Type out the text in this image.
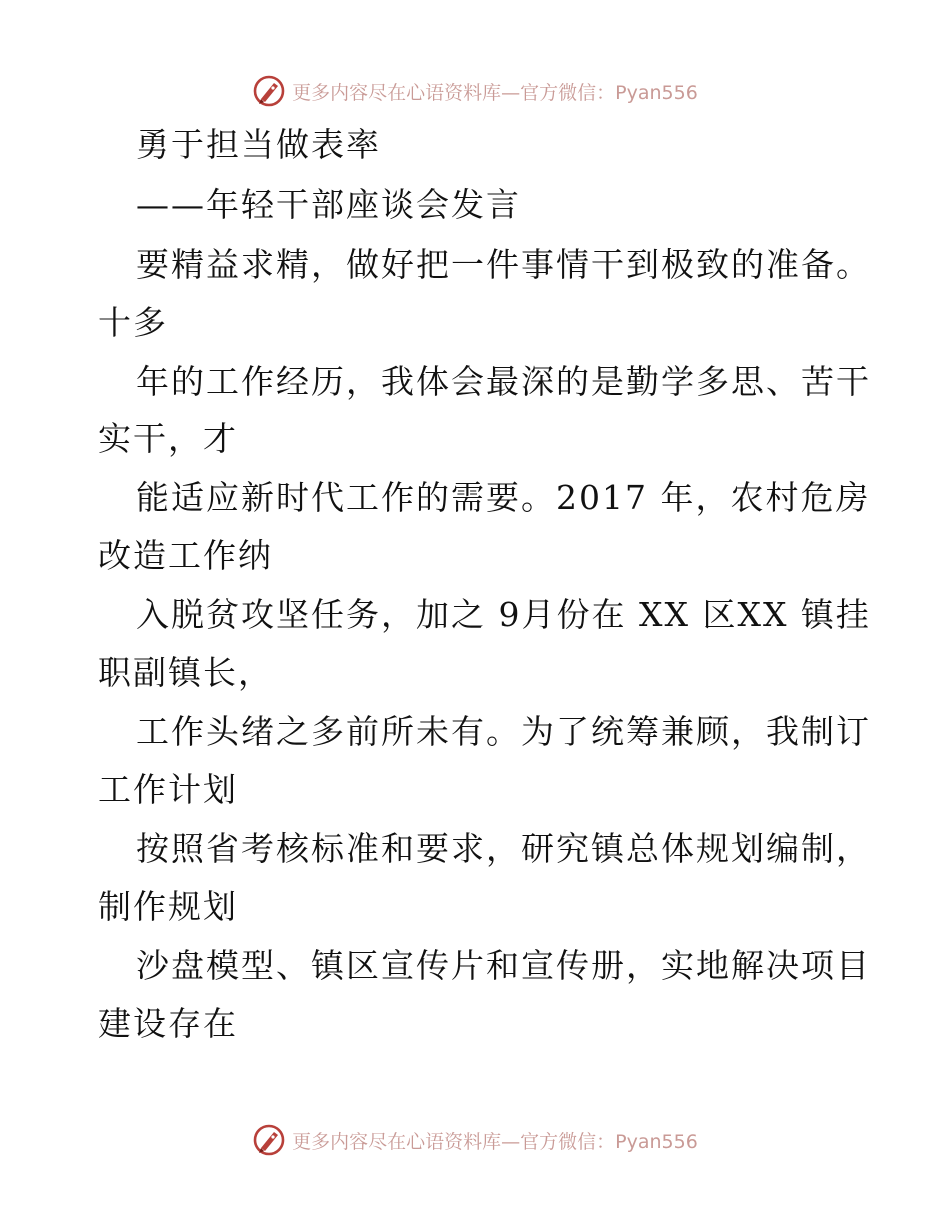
更多内容尽在心语资料库—官方微信：Pyan556
勇于担当做表率
——年轻干部座谈会发言
要精益求精，做好把一件事情干到极致的准备。
十多
年的工作经历，我体会最深的是勤学多思、苦干
实干，才
能适应新时代工作的需要。2017 年，农村危房
改造工作纳
入脱贫攻坚任务，加之 9月份在 XX 区XX 镇挂
职副镇长，
工作头绪之多前所未有。为了统筹兼顾，我制订
工作计划
按照省考核标准和要求，研究镇总体规划编制，
制作规划
沙盘模型、镇区宣传片和宣传册，实地解决项目
建设存在
更多内容尽在心语资料库—官方微信：Pyan556
